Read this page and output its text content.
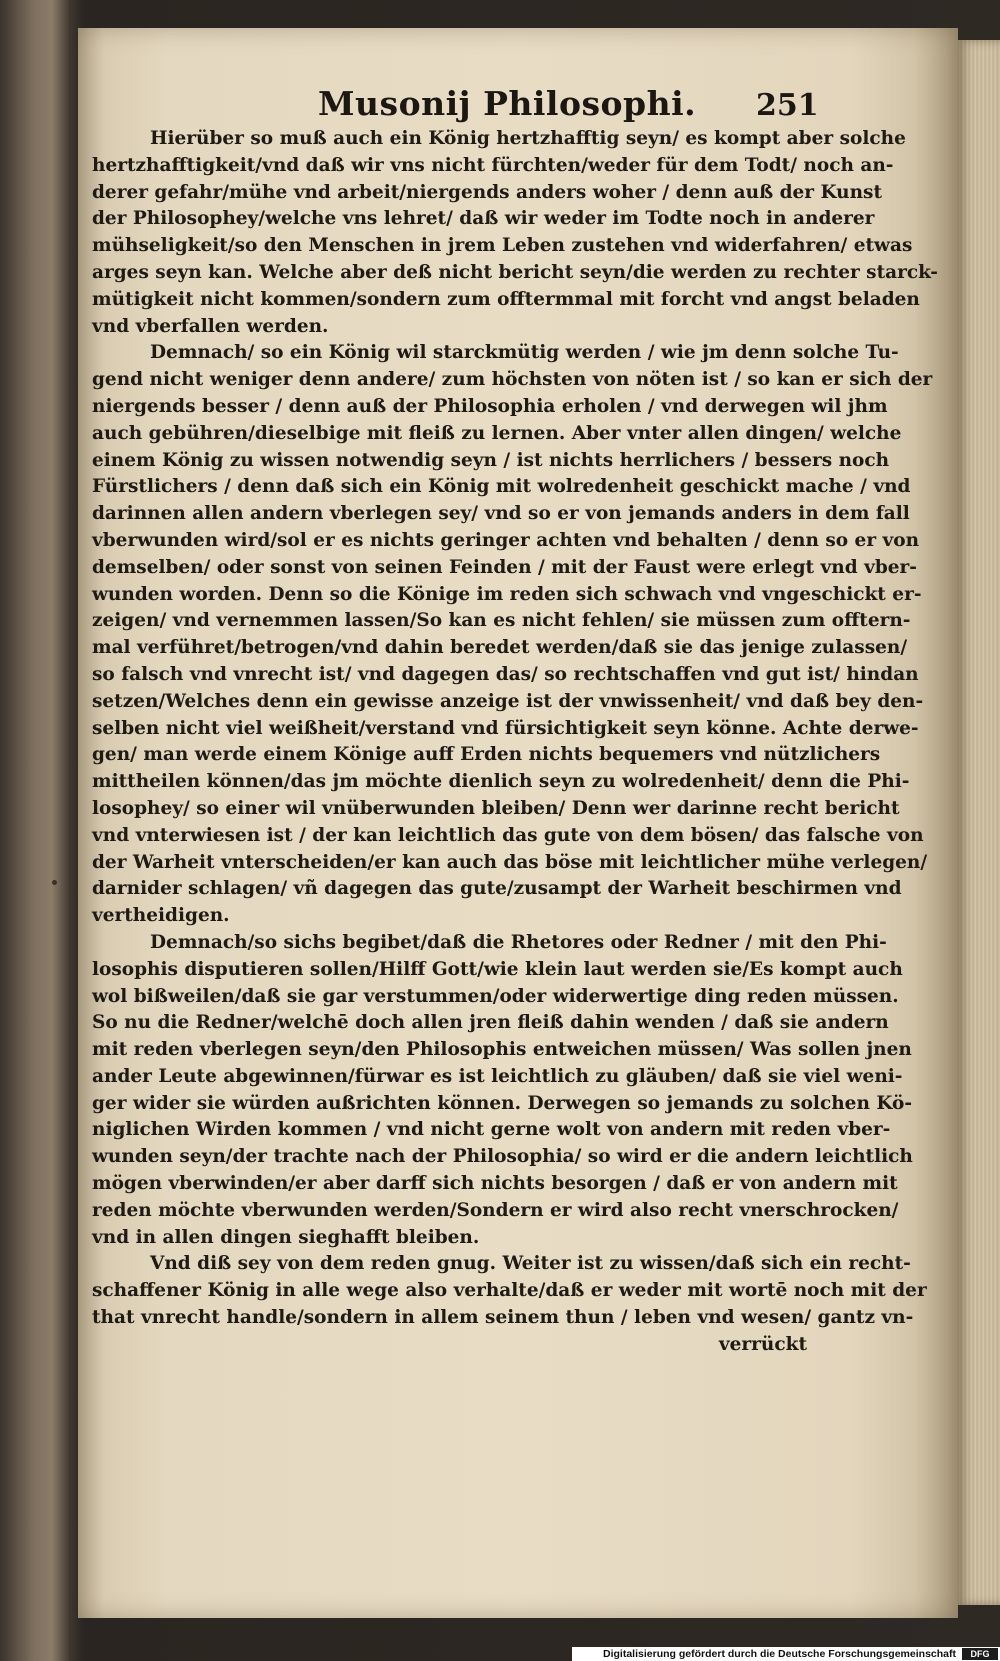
Musonij Philosophi. 251

Hierüber so muß auch ein König hertzhafftig seyn/ es kompt aber solche
hertzhafftigkeit/vnd daß wir vns nicht fürchten/weder für dem Todt/ noch an-
derer gefahr/mühe vnd arbeit/niergends anders woher / denn auß der Kunst
der Philosophey/welche vns lehret/ daß wir weder im Todte noch in anderer
mühseligkeit/so den Menschen in jrem Leben zustehen vnd widerfahren/ etwas
arges seyn kan. Welche aber deß nicht bericht seyn/die werden zu rechter starck-
mütigkeit nicht kommen/sondern zum offtermmal mit forcht vnd angst beladen
vnd vberfallen werden.
Demnach/ so ein König wil starckmütig werden / wie jm denn solche Tu-
gend nicht weniger denn andere/ zum höchsten von nöten ist / so kan er sich der
niergends besser / denn auß der Philosophia erholen / vnd derwegen wil jhm
auch gebühren/dieselbige mit fleiß zu lernen. Aber vnter allen dingen/ welche
einem König zu wissen notwendig seyn / ist nichts herrlichers / bessers noch
Fürstlichers / denn daß sich ein König mit wolredenheit geschickt mache / vnd
darinnen allen andern vberlegen sey/ vnd so er von jemands anders in dem fall
vberwunden wird/sol er es nichts geringer achten vnd behalten / denn so er von
demselben/ oder sonst von seinen Feinden / mit der Faust were erlegt vnd vber-
wunden worden. Denn so die Könige im reden sich schwach vnd vngeschickt er-
zeigen/ vnd vernemmen lassen/So kan es nicht fehlen/ sie müssen zum offtern-
mal verführet/betrogen/vnd dahin beredet werden/daß sie das jenige zulassen/
so falsch vnd vnrecht ist/ vnd dagegen das/ so rechtschaffen vnd gut ist/ hindan
setzen/Welches denn ein gewisse anzeige ist der vnwissenheit/ vnd daß bey den-
selben nicht viel weißheit/verstand vnd fürsichtigkeit seyn könne. Achte derwe-
gen/ man werde einem Könige auff Erden nichts bequemers vnd nützlichers
mittheilen können/das jm möchte dienlich seyn zu wolredenheit/ denn die Phi-
losophey/ so einer wil vnüberwunden bleiben/ Denn wer darinne recht bericht
vnd vnterwiesen ist / der kan leichtlich das gute von dem bösen/ das falsche von
der Warheit vnterscheiden/er kan auch das böse mit leichtlicher mühe verlegen/
darnider schlagen/ vñ dagegen das gute/zusampt der Warheit beschirmen vnd
vertheidigen.
Demnach/so sichs begibet/daß die Rhetores oder Redner / mit den Phi-
losophis disputieren sollen/Hilff Gott/wie klein laut werden sie/Es kompt auch
wol bißweilen/daß sie gar verstummen/oder widerwertige ding reden müssen.
So nu die Redner/welchē doch allen jren fleiß dahin wenden / daß sie andern
mit reden vberlegen seyn/den Philosophis entweichen müssen/ Was sollen jnen
ander Leute abgewinnen/fürwar es ist leichtlich zu gläuben/ daß sie viel weni-
ger wider sie würden außrichten können. Derwegen so jemands zu solchen Kö-
niglichen Wirden kommen / vnd nicht gerne wolt von andern mit reden vber-
wunden seyn/der trachte nach der Philosophia/ so wird er die andern leichtlich
mögen vberwinden/er aber darff sich nichts besorgen / daß er von andern mit
reden möchte vberwunden werden/Sondern er wird also recht vnerschrocken/
vnd in allen dingen sieghafft bleiben.
Vnd diß sey von dem reden gnug. Weiter ist zu wissen/daß sich ein recht-
schaffener König in alle wege also verhalte/daß er weder mit wortē noch mit der
that vnrecht handle/sondern in allem seinem thun / leben vnd wesen/ gantz vn-
verrückt
Digitalisierung gefördert durch die Deutsche Forschungsgemeinschaft	DFG
